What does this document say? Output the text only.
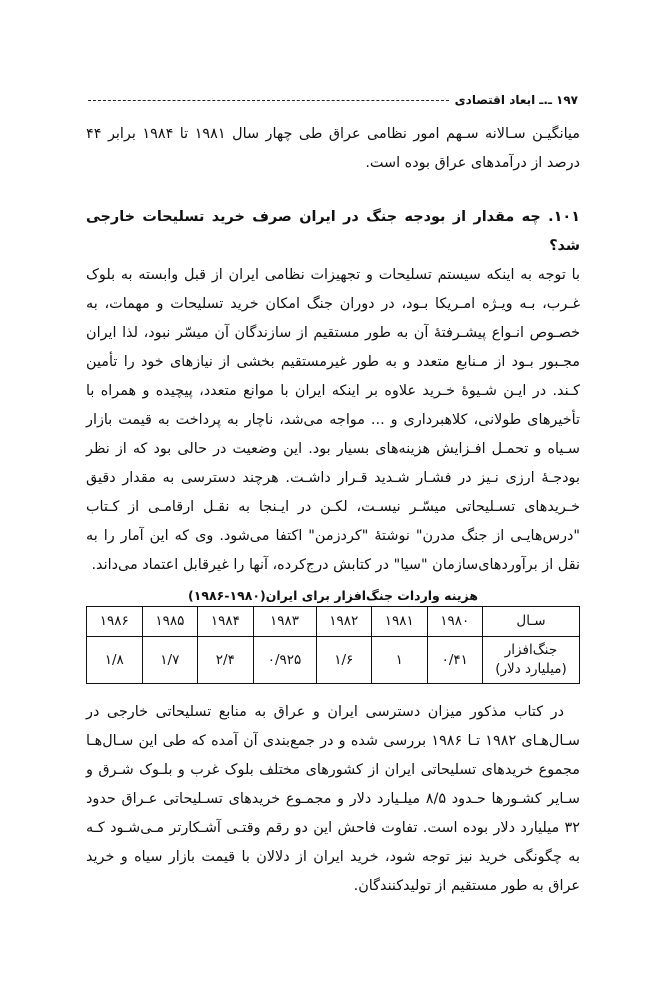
۱۹۷
ـ.ـ
ابعاد اقتصادی

میانگیـن سـالانه سـهم امور نظامی عراق طی چهار سال ۱۹۸۱ تا ۱۹۸۴ برابر ۴۴ درصد از درآمدهای عراق بوده است.

۱۰۱. چه مقدار از بودجه جنگ در ایران صرف خرید تسلیحات خارجی شد؟

با توجه به اینکه سیستم تسلیحات و تجهیزات نظامی ایران از قبل وابسته به بلوک غـرب، بـه ویـژه امـریکا بـود، در دوران جنگ امکان خرید تسلیحات و مهمات، به خصـوص انـواع پیشـرفتهٔ آن به طور مستقیم از سازندگان آن میسّر نبود، لذا ایران مجـبور بـود از مـنابع متعدد و به طور غیرمستقیم بخشی از نیازهای خود را تأمین کـند. در ایـن شـیوهٔ خـرید علاوه بر اینکه ایران با موانع متعدد، پیچیده و همراه با تأخیرهای طولانی، کلاهبرداری و ... مواجه می‌شد، ناچار به پرداخت به قیمت بازار سـیاه و تحمـل افـزایش هزینه‌های بسیار بود. این وضعیت در حالی بود که از نظر بودجـهٔ ارزی نـیز در فشـار شـدید قـرار داشـت. هرچند دسترسی به مقدار دقیق خـریدهای تسـلیحاتی میسّـر نیسـت، لکـن در ایـنجا به نقـل ارقامـی از کـتاب "درس‌هایـی از جنگ مدرن" نوشتهٔ "کردزمن" اکتفا می‌شود. وی که این آمار را به نقل از برآوردهای‌سازمان "سیا" در کتابش درج‌کرده، آنها را غیرقابل اعتماد می‌داند.

هزینه واردات جنگ‌افزار برای ایران(۱۹۸۰-۱۹۸۶)
سـال	۱۹۸۰	۱۹۸۱	۱۹۸۲	۱۹۸۳	۱۹۸۴	۱۹۸۵	۱۹۸۶

جنگ‌افزار
(میلیارد دلار)	۰/۴۱	۱	۱/۶	۰/۹۲۵	۲/۴	۱/۷	۱/۸

در کتاب مذکور میزان دسترسی ایران و عراق به منابع تسلیحاتی خارجی در سـال‌هـای ۱۹۸۲ تـا ۱۹۸۶ بررسی شده و در جمع‌بندی آن آمده که طی این سـال‌هـا مجموع خریدهای تسلیحاتی ایران از کشورهای مختلف بلوک غرب و بلـوک شـرق و سـایر کشـورها حـدود ۸/۵ میلـیارد دلار و مجمـوع خریدهای تسـلیحاتی عـراق حدود ۳۲ میلیارد دلار بوده است. تفاوت فاحش این دو رقم وقتـی آشـکارتر مـی‌شـود کـه به چگونگی خرید نیز توجه شود، خرید ایران از دلالان با قیمت بازار سیاه و خرید عراق به طور مستقیم از تولیدکنندگان.
